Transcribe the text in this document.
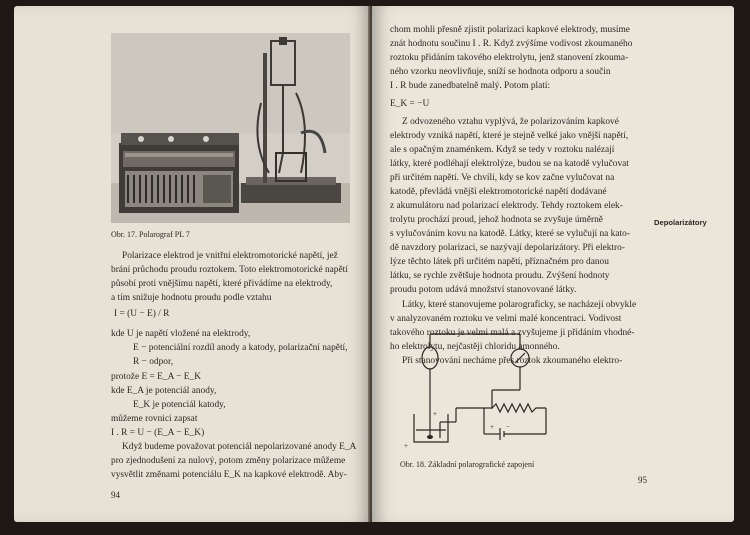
Obr. 17. Polarograf PL 7
Polarizace elektrod je vnitřní elektromotorické napětí, jež
brání průchodu proudu roztokem. Toto elektromotorické napětí
působí proti vnějšímu napětí, které přivádíme na elektrody,
a tím snižuje hodnotu proudu podle vztahu
I = (U − E) / R
kde U je napětí vložené na elektrody,
E − potenciální rozdíl anody a katody, polarizační napětí,
R − odpor,
protože E = E_A − E_K
kde E_A je potenciál anody,
E_K je potenciál katody,
můžeme rovnici zapsat
I . R = U − (E_A − E_K)
Když budeme považovat potenciál nepolarizované anody E_A
pro zjednodušení za nulový, potom změny polarizace můžeme
vysvětlit změnami potenciálu E_K na kapkové elektrodě. Aby-
94
chom mohli přesně zjistit polarizaci kapkové elektrody, musíme
znát hodnotu součinu I . R. Když zvýšíme vodivost zkoumaného
roztoku přidáním takového elektrolytu, jenž stanovení zkouma-
ného vzorku neovlivňuje, sníží se hodnota odporu a součin
I . R bude zanedbatelně malý. Potom platí:
E_K = −U
Z odvozeného vztahu vyplývá, že polarizováním kapkové
elektrody vzniká napětí, které je stejně velké jako vnější napětí,
ale s opačným znaménkem. Když se tedy v roztoku nalézají
látky, které podléhají elektrolýze, budou se na katodě vylučovat
při určitém napětí. Ve chvíli, kdy se kov začne vylučovat na
katodě, převládá vnější elektromotorické napětí dodávané
z akumulátoru nad polarizací elektrody. Tehdy roztokem elek-
trolytu prochází proud, jehož hodnota se zvyšuje úměrně
s vylučováním kovu na katodě. Látky, které se vylučují na kato-
dě navzdory polarizaci, se nazývají depolarizátory. Při elektro-
lýze těchto látek při určitém napětí, příznačném pro danou
látku, se rychle zvětšuje hodnota proudu. Zvýšení hodnoty
proudu potom udává množství stanovované látky.
Látky, které stanovujeme polarograficky, se nacházejí obvykle
v analyzovaném roztoku ve velmi malé koncentraci. Vodivost
takového roztoku je velmi malá a zvyšujeme ji přidáním vhodné-
ho elektrolytu, nejčastěji chloridu amonného.
Při stanovování necháme přes roztok zkoumaného elektro-
Depolarizátory
+
+
+ −
Obr. 18. Základní polarografické zapojení
95
